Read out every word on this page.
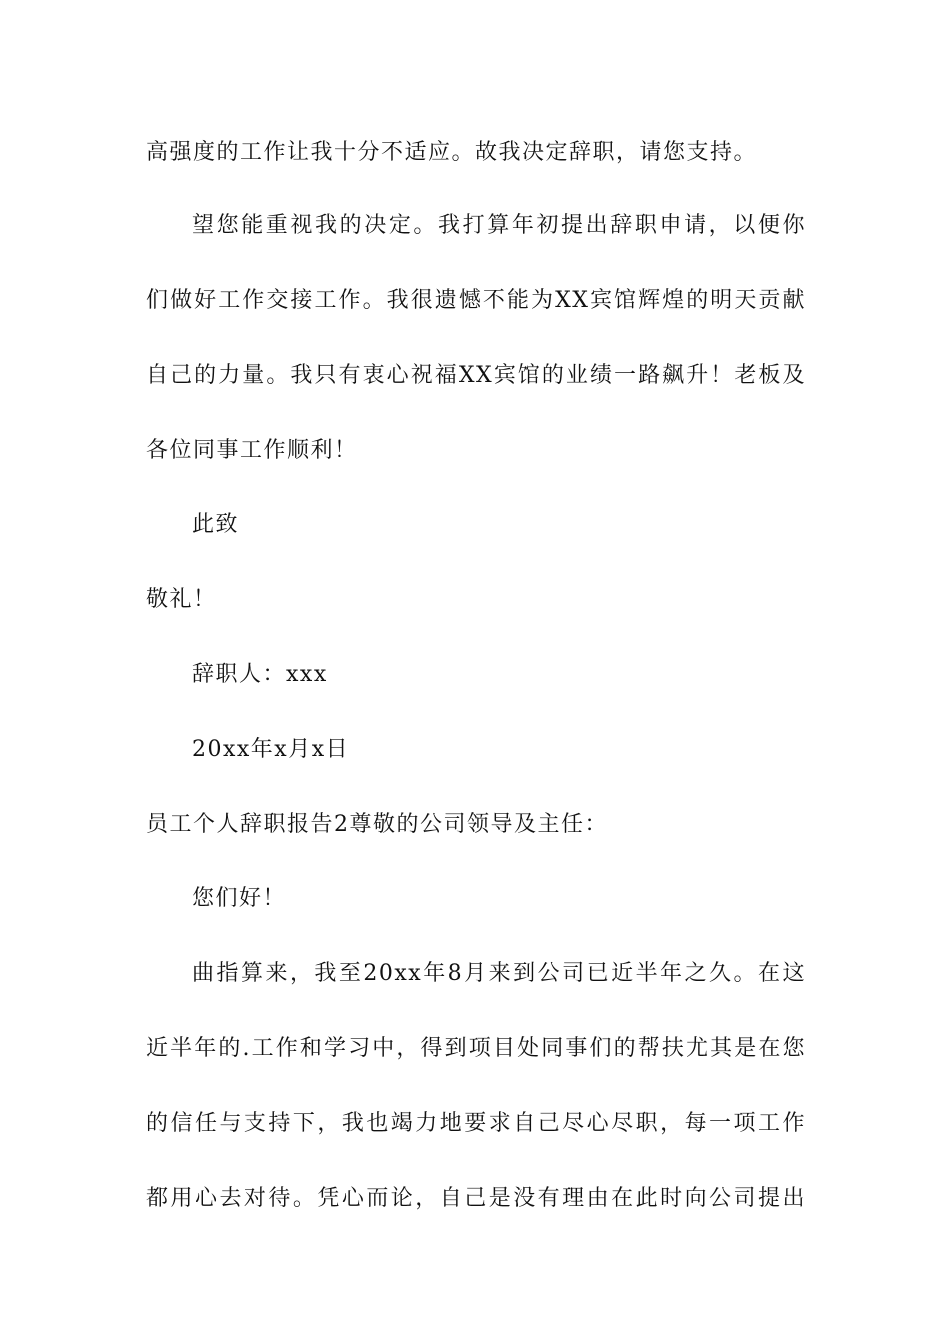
高强度的工作让我十分不适应。故我决定辞职，请您支持。
望您能重视我的决定。我打算年初提出辞职申请，以便你
们做好工作交接工作。我很遗憾不能为XX宾馆辉煌的明天贡献
自己的力量。我只有衷心祝福XX宾馆的业绩一路飙升！老板及
各位同事工作顺利！
此致
敬礼！
辞职人：xxx
20xx年x月x日
员工个人辞职报告2尊敬的公司领导及主任：
您们好！
曲指算来，我至20xx年8月来到公司已近半年之久。在这
近半年的.工作和学习中，得到项目处同事们的帮扶尤其是在您
的信任与支持下，我也竭力地要求自己尽心尽职，每一项工作
都用心去对待。凭心而论，自己是没有理由在此时向公司提出
